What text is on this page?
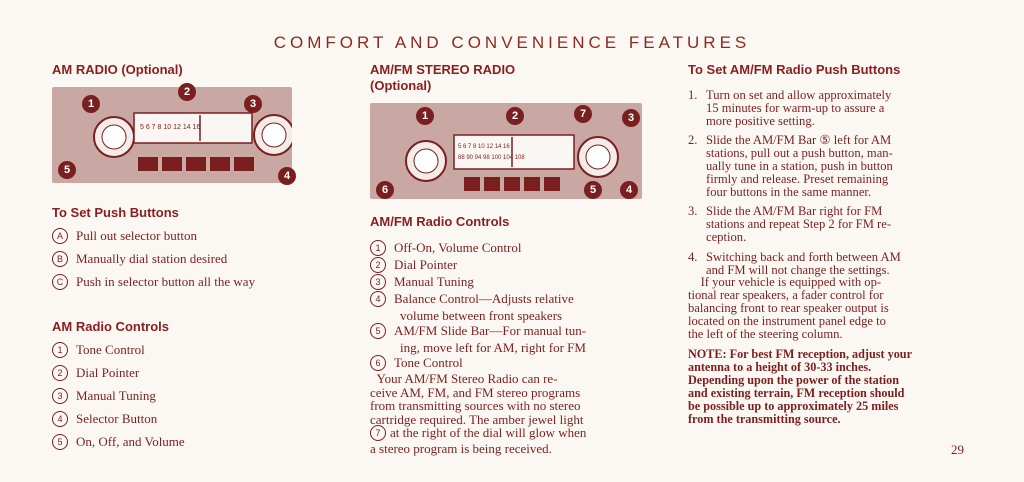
COMFORT AND CONVENIENCE FEATURES
AM RADIO (Optional)
5 6 7 8 10 12 14 16
1
2
3
4
5
To Set Push Buttons
A Pull out selector button
B Manually dial station desired
C Push in selector button all the way
AM Radio Controls
1 Tone Control
2 Dial Pointer
3 Manual Tuning
4 Selector Button
5 On, Off, and Volume
AM/FM STEREO RADIO
(Optional)
5 6 7 8 10 12 14 16
88 90 94 98 100 104 108
1	2	7	3
6	5	4
AM/FM Radio Controls
1 Off-On, Volume Control
2 Dial Pointer
3 Manual Tuning
4 Balance Control—Adjusts relative
volume between front speakers
5 AM/FM Slide Bar—For manual tun-
ing, move left for AM, right for FM
6 Tone Control
Your AM/FM Stereo Radio can re-
ceive AM, FM, and FM stereo programs
from transmitting sources with no stereo
cartridge required. The amber jewel light
7 at the right of the dial will glow when
a stereo program is being received.
To Set AM/FM Radio Push Buttons
1. Turn on set and allow approximately
15 minutes for warm-up to assure a
more positive setting.
2. Slide the AM/FM Bar ⑤ left for AM
stations, pull out a push button, man-
ually tune in a station, push in button
firmly and release. Preset remaining
four buttons in the same manner.
3. Slide the AM/FM Bar right for FM
stations and repeat Step 2 for FM re-
ception.
4. Switching back and forth between AM
and FM will not change the settings.
If your vehicle is equipped with op-
tional rear speakers, a fader control for
balancing front to rear speaker output is
located on the instrument panel edge to
the left of the steering column.
NOTE: For best FM reception, adjust your
antenna to a height of 30-33 inches.
Depending upon the power of the station
and existing terrain, FM reception should
be possible up to approximately 25 miles
from the transmitting source.
29
